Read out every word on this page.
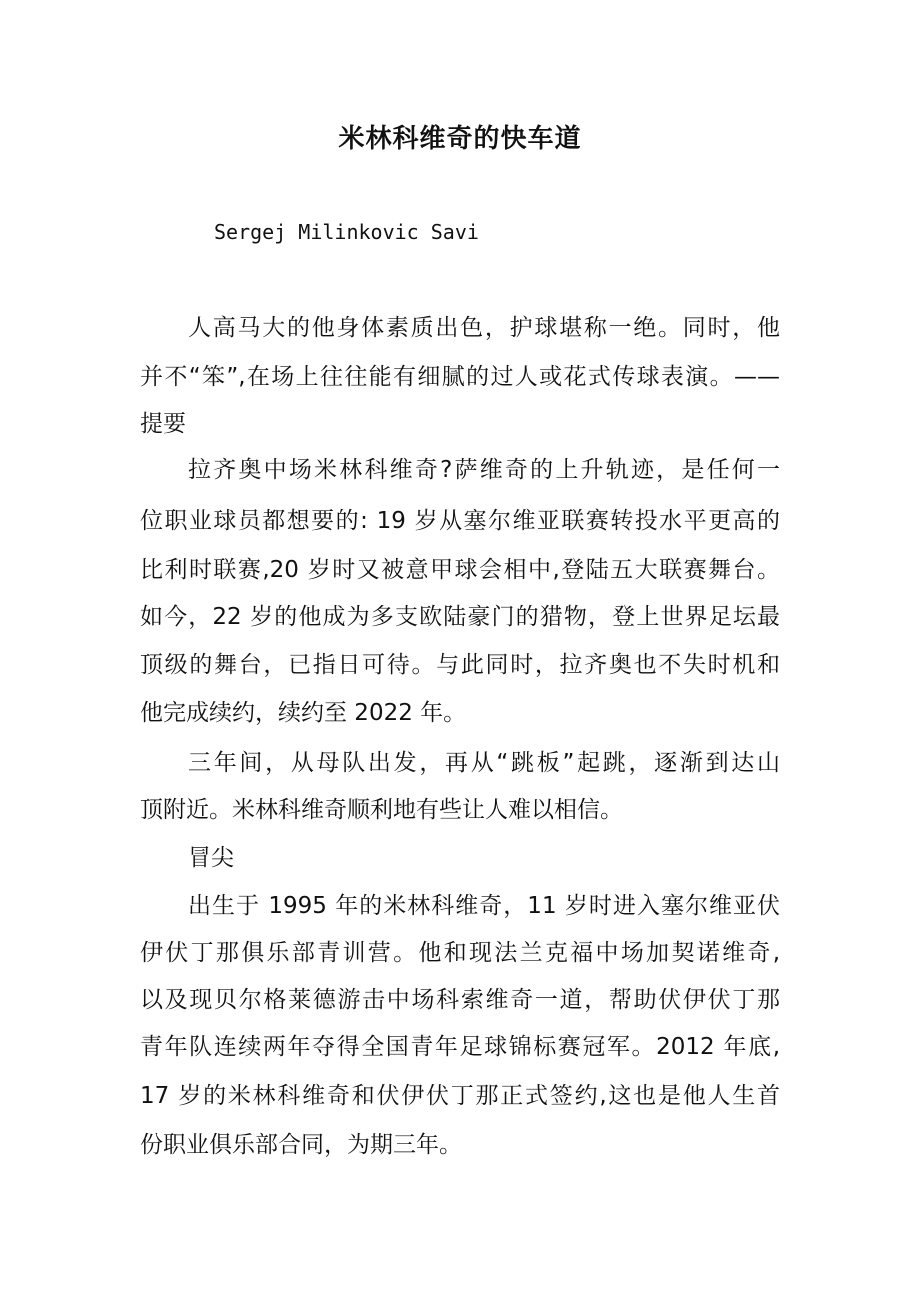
米林科维奇的快车道
Sergej Milinkovic Savi
人高马大的他身体素质出色，护球堪称一绝。同时，他
并不“笨”,在场上往往能有细腻的过人或花式传球表演。——
提要
拉齐奥中场米林科维奇?萨维奇的上升轨迹，是任何一
位职业球员都想要的: 19 岁从塞尔维亚联赛转投水平更高的
比利时联赛,20 岁时又被意甲球会相中,登陆五大联赛舞台。
如今，22 岁的他成为多支欧陆豪门的猎物，登上世界足坛最
顶级的舞台，已指日可待。与此同时，拉齐奥也不失时机和
他完成续约，续约至 2022 年。
三年间，从母队出发，再从“跳板”起跳，逐渐到达山
顶附近。米林科维奇顺利地有些让人难以相信。
冒尖
出生于 1995 年的米林科维奇，11 岁时进入塞尔维亚伏
伊伏丁那俱乐部青训营。他和现法兰克福中场加契诺维奇,
以及现贝尔格莱德游击中场科索维奇一道，帮助伏伊伏丁那
青年队连续两年夺得全国青年足球锦标赛冠军。2012 年底,
17 岁的米林科维奇和伏伊伏丁那正式签约,这也是他人生首
份职业俱乐部合同，为期三年。
